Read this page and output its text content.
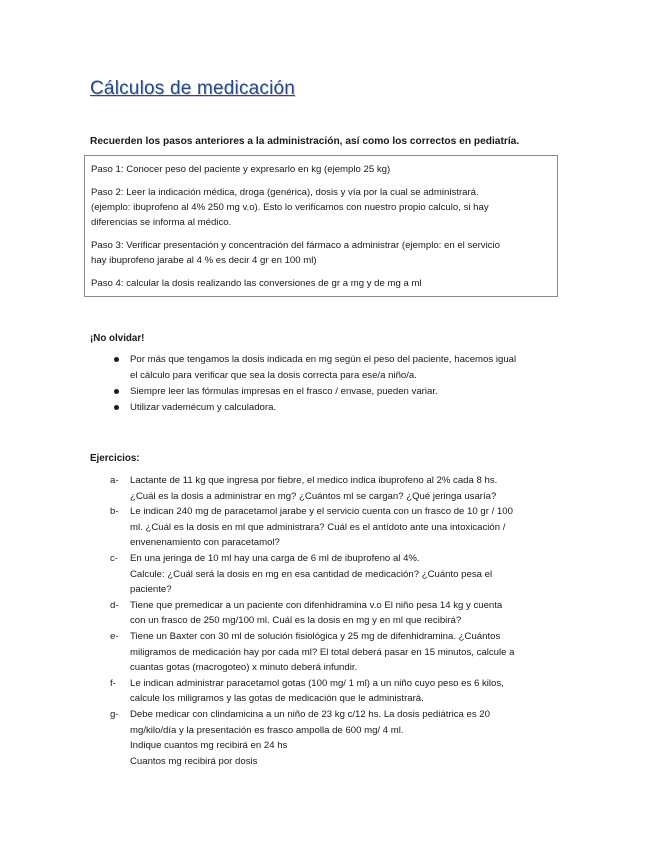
Cálculos de medicación
Recuerden los pasos anteriores a la administración, así como los correctos en pediatría.

Paso 1: Conocer peso del paciente y expresarlo en kg (ejemplo 25 kg)

Paso 2: Leer la indicación médica, droga (genérica), dosis y vía por la cual se administrará.
(ejemplo: ibuprofeno al 4% 250 mg v.o). Esto lo verificamos con nuestro propio calculo, si hay
diferencias se informa al médico.

Paso 3: Verificar presentación y concentración del fármaco a administrar (ejemplo: en el servicio
hay ibuprofeno jarabe al 4 % es decir 4 gr en 100 ml)

Paso 4: calcular la dosis realizando las conversiones de gr a mg y de mg a ml

¡No olvidar!
Por más que tengamos la dosis indicada en mg según el peso del paciente, hacemos igual
el cálculo para verificar que sea la dosis correcta para ese/a niño/a.
Siempre leer las fórmulas impresas en el frasco / envase, pueden variar.
Utilizar vademécum y calculadora.
Ejercicios:
a- Lactante de 11 kg que ingresa por fiebre, el medico indica ibuprofeno al 2% cada 8 hs.
¿Cuál es la dosis a administrar en mg? ¿Cuántos ml se cargan? ¿Qué jeringa usaría?
b- Le indican 240 mg de paracetamol jarabe y el servicio cuenta con un frasco de 10 gr / 100
ml. ¿Cuál es la dosis en ml que administrara? Cuál es el antídoto ante una intoxicación /
envenenamiento con paracetamol?
c- En una jeringa de 10 ml hay una carga de 6 ml de ibuprofeno al 4%.
Calcule: ¿Cuál será la dosis en mg en esa cantidad de medicación? ¿Cuánto pesa el
paciente?
d- Tiene que premedicar a un paciente con difenhidramina v.o El niño pesa 14 kg y cuenta
con un frasco de 250 mg/100 ml. Cuál es la dosis en mg y en ml que recibirá?
e- Tiene un Baxter con 30 ml de solución fisiológica y 25 mg de difenhidramina. ¿Cuántos
miligramos de medicación hay por cada ml? El total deberá pasar en 15 minutos, calcule a
cuantas gotas (macrogoteo) x minuto deberá infundir.
f- Le indican administrar paracetamol gotas (100 mg/ 1 ml) a un niño cuyo peso es 6 kilos,
calcule los miligramos y las gotas de medicación que le administrará.
g- Debe medicar con clindamicina a un niño de 23 kg c/12 hs. La dosis pediátrica es 20
mg/kilo/día y la presentación es frasco ampolla de 600 mg/ 4 ml.
Indique cuantos mg recibirá en 24 hs
Cuantos mg recibirá por dosis
